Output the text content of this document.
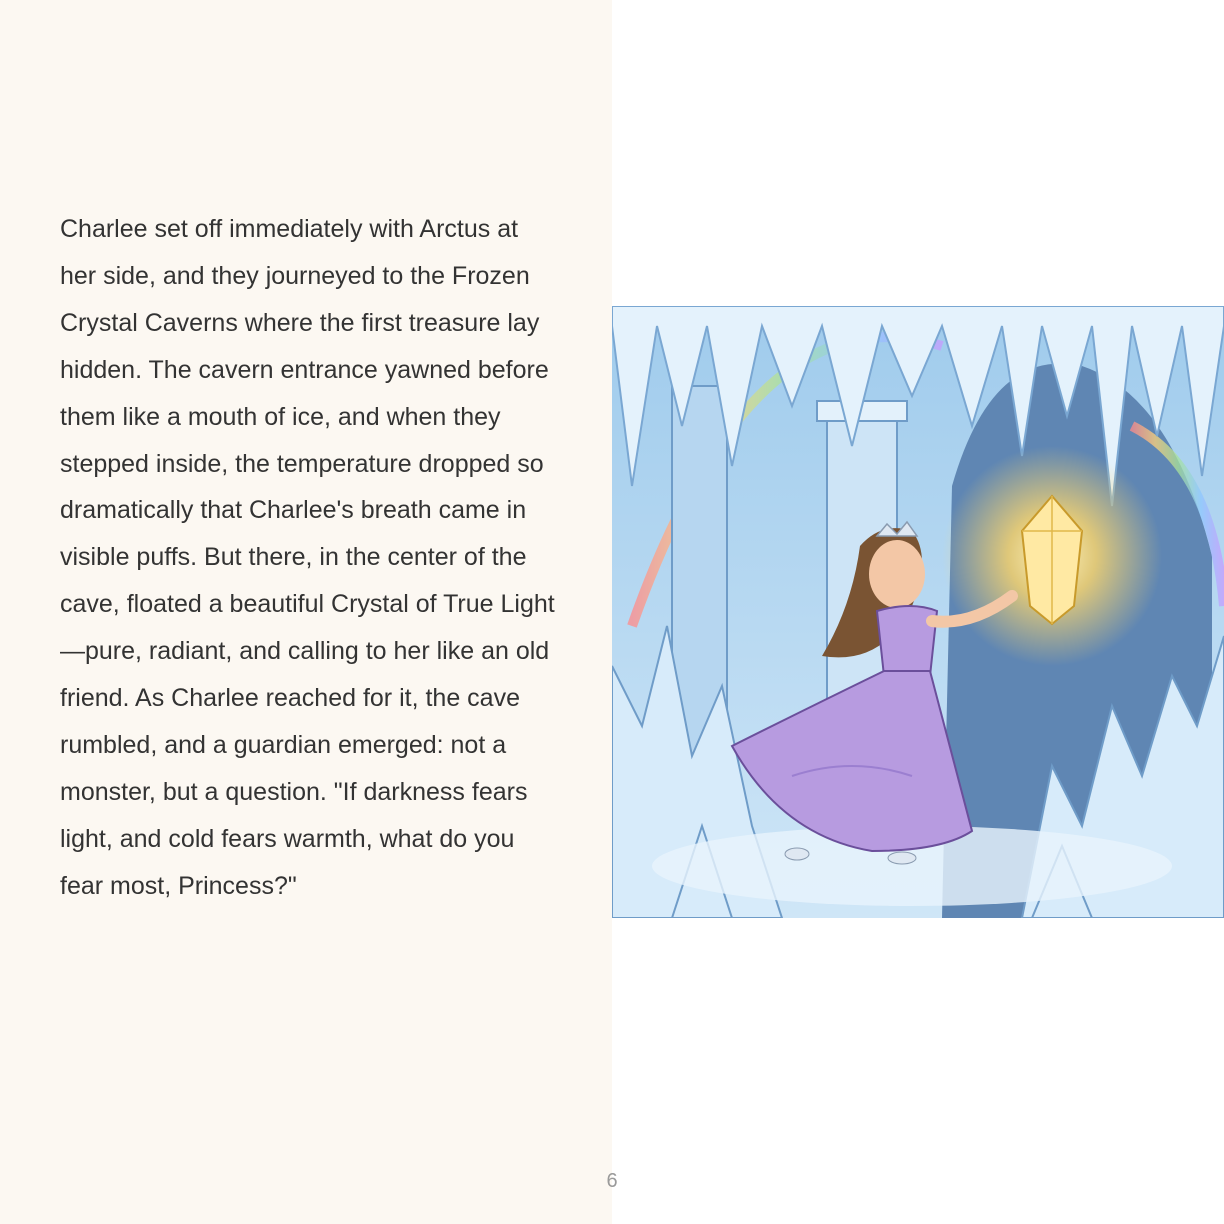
Charlee set off immediately with Arctus at her side, and they journeyed to the Frozen Crystal Caverns where the first treasure lay hidden. The cavern entrance yawned before them like a mouth of ice, and when they stepped inside, the temperature dropped so dramatically that Charlee's breath came in visible puffs. But there, in the center of the cave, floated a beautiful Crystal of True Light—pure, radiant, and calling to her like an old friend. As Charlee reached for it, the cave rumbled, and a guardian emerged: not a monster, but a question. "If darkness fears light, and cold fears warmth, what do you fear most, Princess?"

6
